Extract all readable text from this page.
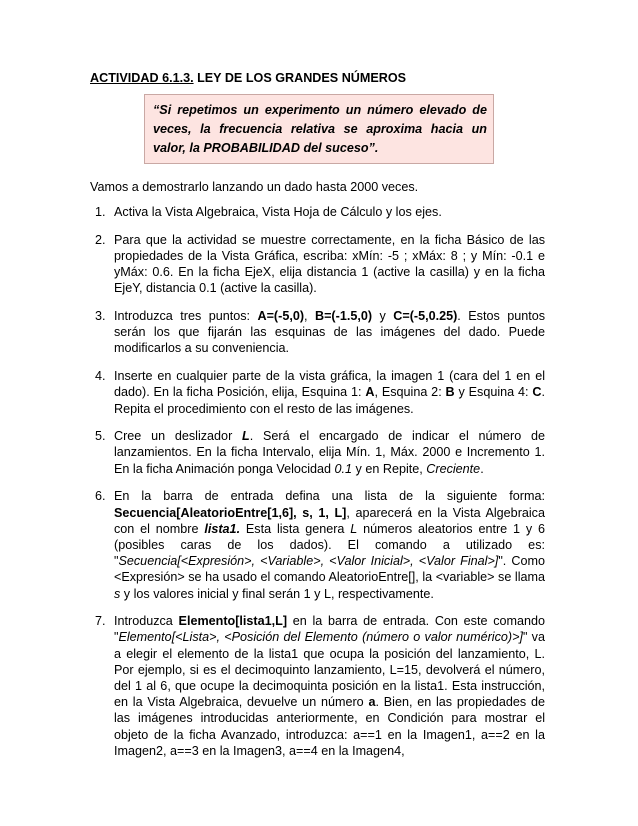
ACTIVIDAD 6.1.3. LEY DE LOS GRANDES NÚMEROS
“Si repetimos un experimento un número elevado de veces, la frecuencia relativa se aproxima hacia un valor, la PROBABILIDAD del suceso”.
Vamos a demostrarlo lanzando un dado hasta 2000 veces.
1. Activa la Vista Algebraica, Vista Hoja de Cálculo y los ejes.
2. Para que la actividad se muestre correctamente, en la ficha Básico de las propiedades de la Vista Gráfica, escriba: xMín: -5 ; xMáx: 8 ; y Mín: -0.1 e yMáx: 0.6. En la ficha EjeX, elija distancia 1 (active la casilla) y en la ficha EjeY, distancia 0.1 (active la casilla).
3. Introduzca tres puntos: A=(-5,0), B=(-1.5,0) y C=(-5,0.25). Estos puntos serán los que fijarán las esquinas de las imágenes del dado. Puede modificarlos a su conveniencia.
4. Inserte en cualquier parte de la vista gráfica, la imagen 1 (cara del 1 en el dado). En la ficha Posición, elija, Esquina 1: A, Esquina 2: B y Esquina 4: C. Repita el procedimiento con el resto de las imágenes.
5. Cree un deslizador L. Será el encargado de indicar el número de lanzamientos. En la ficha Intervalo, elija Mín. 1, Máx. 2000 e Incremento 1. En la ficha Animación ponga Velocidad 0.1 y en Repite, Creciente.
6. En la barra de entrada defina una lista de la siguiente forma: Secuencia[AleatorioEntre[1,6], s, 1, L], aparecerá en la Vista Algebraica con el nombre lista1. Esta lista genera L números aleatorios entre 1 y 6 (posibles caras de los dados). El comando a utilizado es: "Secuencia[<Expresión>, <Variable>, <Valor Inicial>, <Valor Final>]". Como <Expresión> se ha usado el comando AleatorioEntre[], la <variable> se llama s y los valores inicial y final serán 1 y L, respectivamente.
7. Introduzca Elemento[lista1,L] en la barra de entrada. Con este comando "Elemento[<Lista>, <Posición del Elemento (número o valor numérico)>]" va a elegir el elemento de la lista1 que ocupa la posición del lanzamiento, L. Por ejemplo, si es el decimoquinto lanzamiento, L=15, devolverá el número, del 1 al 6, que ocupe la decimoquinta posición en la lista1. Esta instrucción, en la Vista Algebraica, devuelve un número a. Bien, en las propiedades de las imágenes introducidas anteriormente, en Condición para mostrar el objeto de la ficha Avanzado, introduzca: a==1 en la Imagen1, a==2 en la Imagen2, a==3 en la Imagen3, a==4 en la Imagen4,
